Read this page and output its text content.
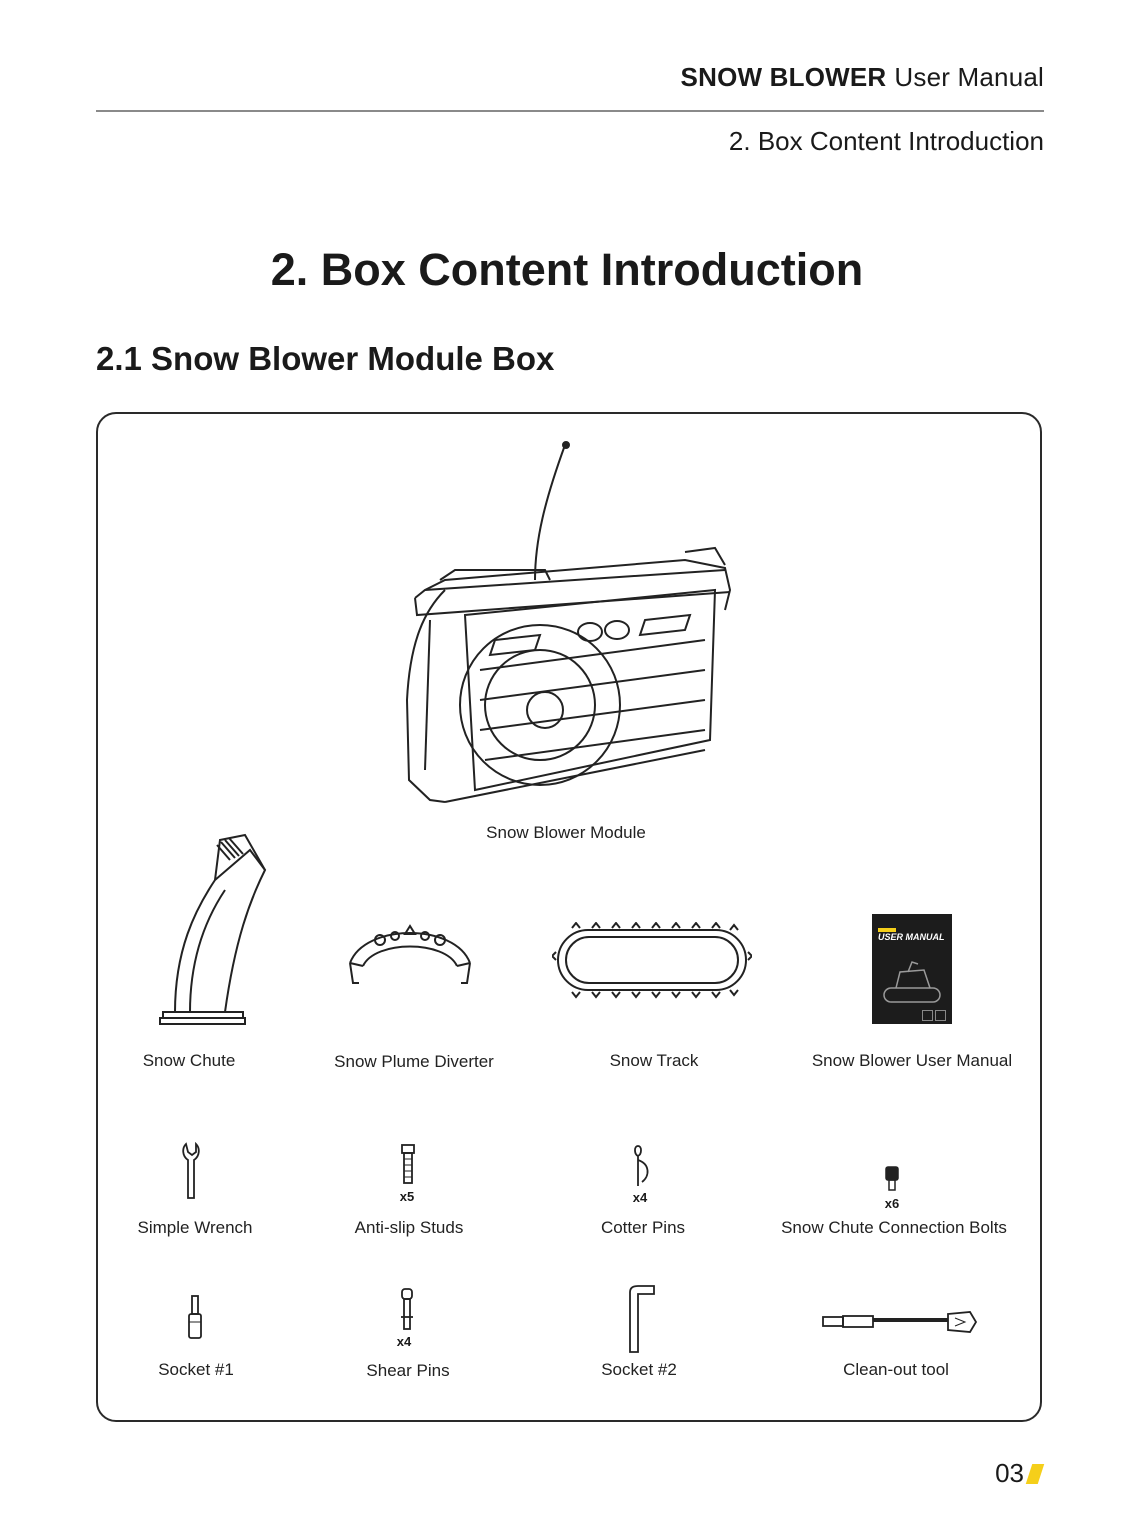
SNOW BLOWER User Manual
2. Box Content Introduction
2. Box Content Introduction
2.1 Snow Blower Module Box
Snow Blower Module
Snow Chute	Snow Plume Diverter	Snow Track
USER MANUAL
Snow Blower User Manual
Simple Wrench
x5
Anti-slip Studs
x4
Cotter Pins
x6
Snow Chute Connection Bolts
Socket #1
x4
Shear Pins	Socket #2	Clean-out tool
03
